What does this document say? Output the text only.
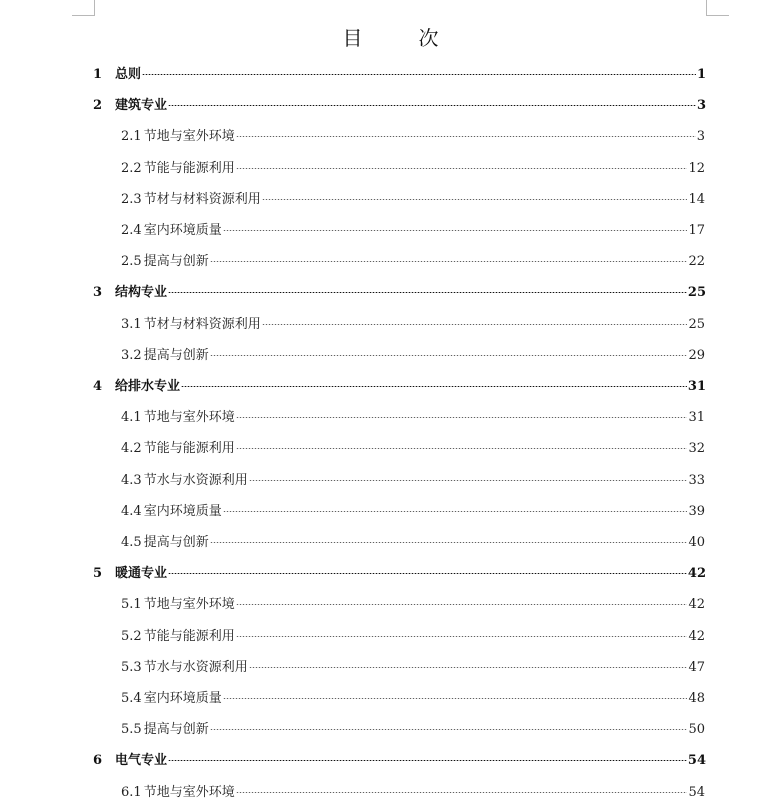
目　次
1 总则	1
2 建筑专业	3
2.1 节地与室外环境	3
2.2 节能与能源利用	12
2.3 节材与材料资源利用	14
2.4 室内环境质量	17
2.5 提高与创新	22
3 结构专业	25
3.1 节材与材料资源利用	25
3.2 提高与创新	29
4 给排水专业	31
4.1 节地与室外环境	31
4.2 节能与能源利用	32
4.3 节水与水资源利用	33
4.4 室内环境质量	39
4.5 提高与创新	40
5 暖通专业	42
5.1 节地与室外环境	42
5.2 节能与能源利用	42
5.3 节水与水资源利用	47
5.4 室内环境质量	48
5.5 提高与创新	50
6 电气专业	54
6.1 节地与室外环境	54
